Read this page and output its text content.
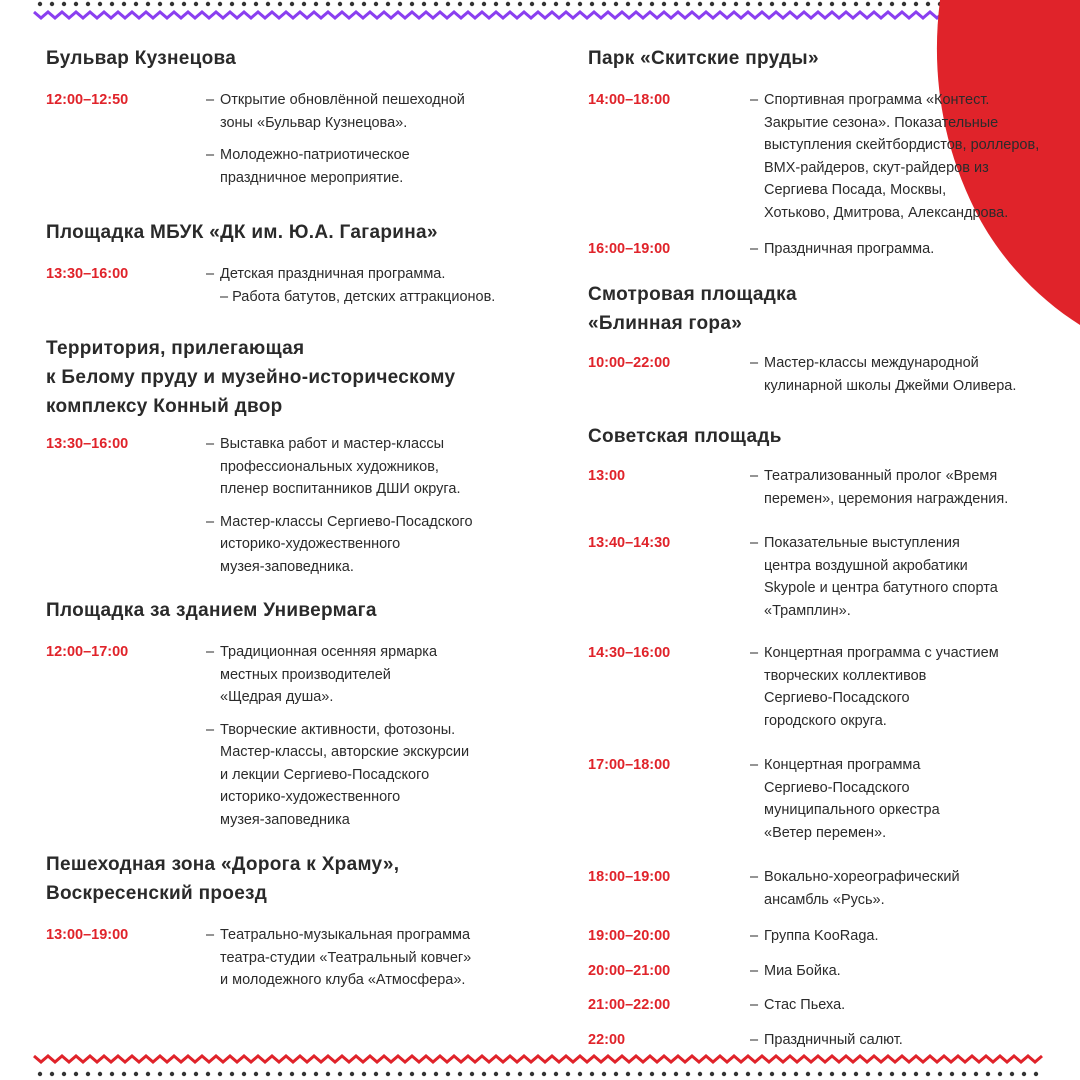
Бульвар Кузнецова
12:00–12:50	– Открытие обновлённой пешеходной
зоны «Бульвар Кузнецова».
– Молодежно-патриотическое
праздничное мероприятие.
Площадка МБУК «ДК им. Ю.А. Гагарина»
13:30–16:00	– Детская праздничная программа.
– Работа батутов, детских аттракционов.
Территория, прилегающая
к Белому пруду и музейно-историческому
комплексу Конный двор
13:30–16:00	– Выставка работ и мастер-классы
профессиональных художников,
пленер воспитанников ДШИ округа.
– Мастер-классы Сергиево-Посадского
историко-художественного
музея-заповедника.
Площадка за зданием Универмага
12:00–17:00	– Традиционная осенняя ярмарка
местных производителей
«Щедрая душа».
– Творческие активности, фотозоны.
Мастер-классы, авторские экскурсии
и лекции Сергиево-Посадского
историко-художественного
музея-заповедника
Пешеходная зона «Дорога к Храму»,
Воскресенский проезд
13:00–19:00	– Театрально-музыкальная программа
театра-студии «Театральный ковчег»
и молодежного клуба «Атмосфера».
Парк «Скитские пруды»
14:00–18:00	– Спортивная программа «Контест.
Закрытие сезона». Показательные
выступления скейтбордистов, роллеров,
BMX-райдеров, скут-райдеров из
Сергиева Посада, Москвы,
Хотьково, Дмитрова, Александрова.
16:00–19:00	– Праздничная программа.
Смотровая площадка
«Блинная гора»
10:00–22:00	– Мастер-классы международной
кулинарной школы Джейми Оливера.
Советская площадь
13:00	– Театрализованный пролог «Время
перемен», церемония награждения.
13:40–14:30	– Показательные выступления
центра воздушной акробатики
Skypole и центра батутного спорта
«Трамплин».
14:30–16:00	– Концертная программа с участием
творческих коллективов
Сергиево-Посадского
городского округа.
17:00–18:00	– Концертная программа
Сергиево-Посадского
муниципального оркестра
«Ветер перемен».
18:00–19:00	– Вокально-хореографический
ансамбль «Русь».
19:00–20:00	– Группа KooRaga.
20:00–21:00	– Миа Бойка.
21:00–22:00	– Стас Пьеха.
22:00	– Праздничный салют.
